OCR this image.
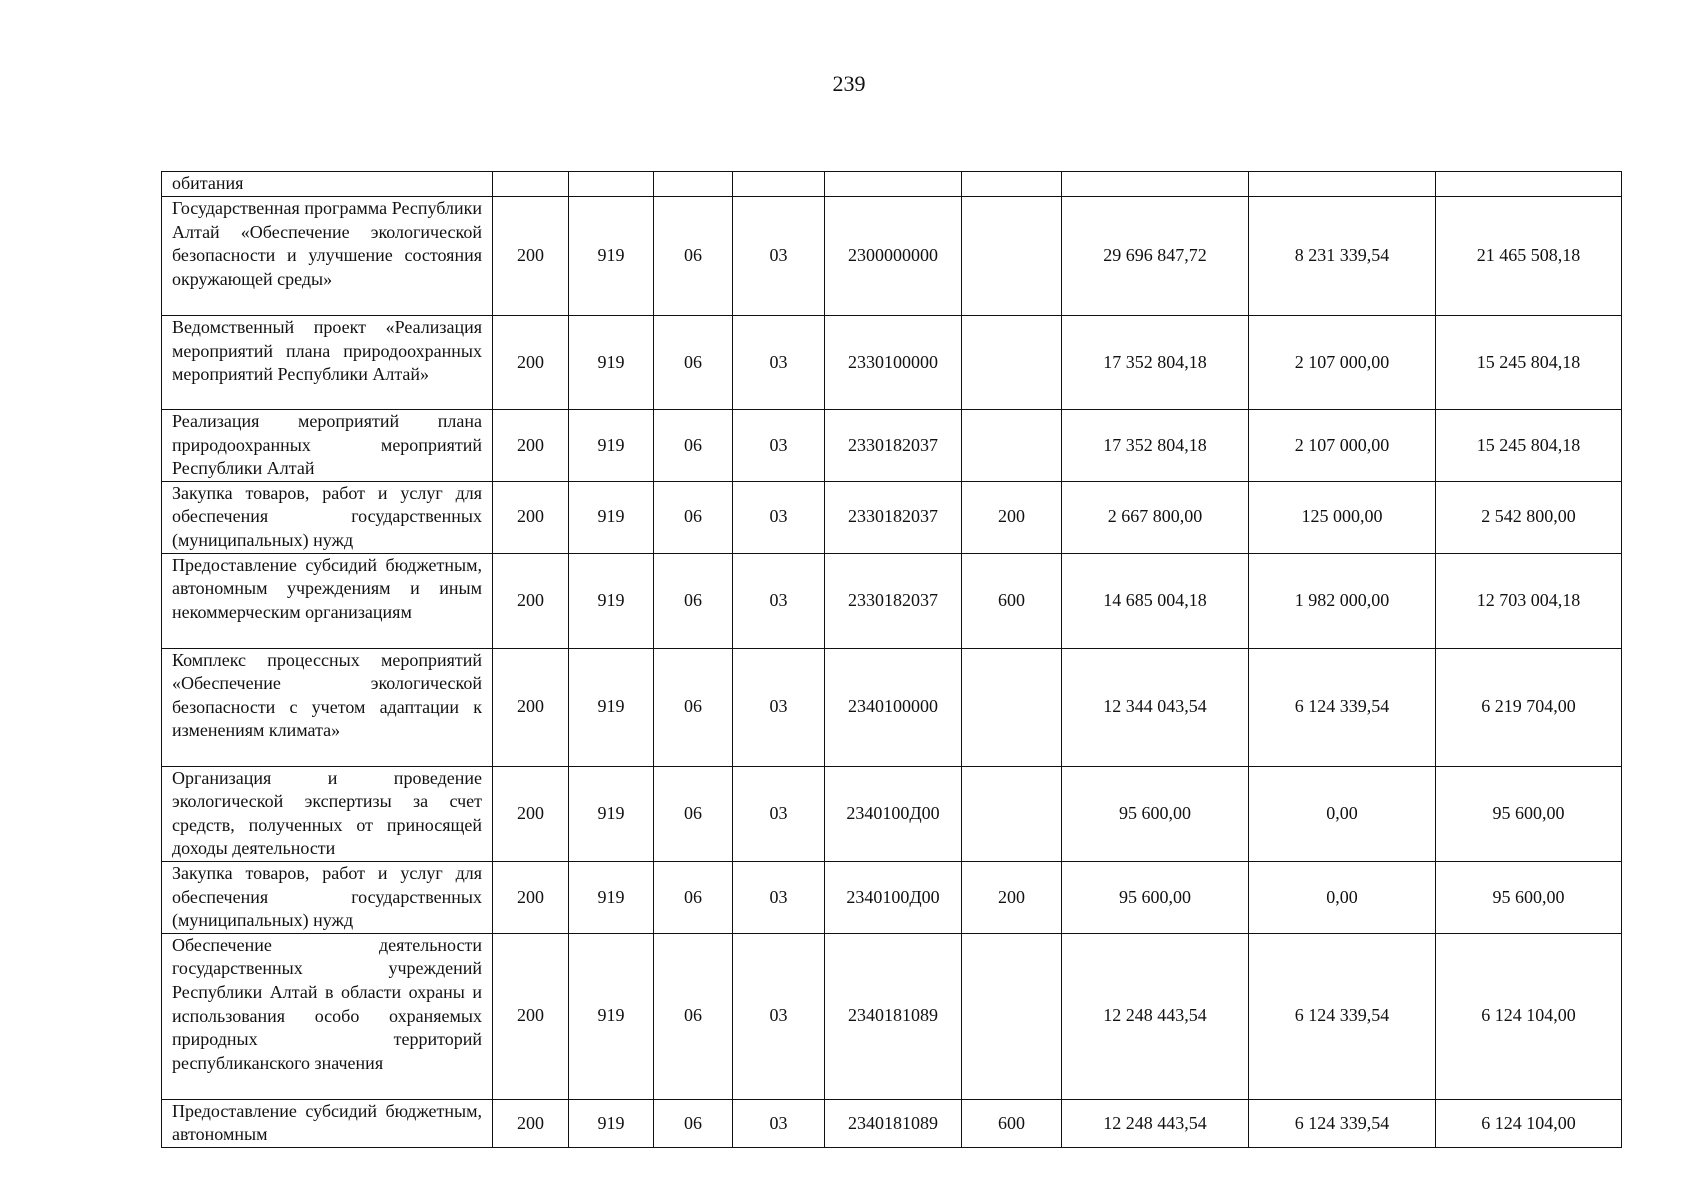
239
обитания									
Государственная программа Республики Алтай «Обеспечение экологической безопасности и улучшение состояния окружающей среды»	200	919	06	03	2300000000		29 696 847,72	8 231 339,54	21 465 508,18
Ведомственный проект «Реализация мероприятий плана природоохранных мероприятий Республики Алтай»	200	919	06	03	2330100000		17 352 804,18	2 107 000,00	15 245 804,18
Реализация мероприятий плана природоохранных мероприятий Республики Алтай	200	919	06	03	2330182037		17 352 804,18	2 107 000,00	15 245 804,18
Закупка товаров, работ и услуг для обеспечения государственных (муниципальных) нужд	200	919	06	03	2330182037	200	2 667 800,00	125 000,00	2 542 800,00
Предоставление субсидий бюджетным, автономным учреждениям и иным некоммерческим организациям	200	919	06	03	2330182037	600	14 685 004,18	1 982 000,00	12 703 004,18
Комплекс процессных мероприятий «Обеспечение экологической безопасности с учетом адаптации к изменениям климата»	200	919	06	03	2340100000		12 344 043,54	6 124 339,54	6 219 704,00
Организация и проведение экологической экспертизы за счет средств, полученных от приносящей доходы деятельности	200	919	06	03	2340100Д00		95 600,00	0,00	95 600,00
Закупка товаров, работ и услуг для обеспечения государственных (муниципальных) нужд	200	919	06	03	2340100Д00	200	95 600,00	0,00	95 600,00
Обеспечение деятельности государственных учреждений Республики Алтай в области охраны и использования особо охраняемых природных территорий республиканского значения	200	919	06	03	2340181089		12 248 443,54	6 124 339,54	6 124 104,00
Предоставление субсидий бюджетным, автономным	200	919	06	03	2340181089	600	12 248 443,54	6 124 339,54	6 124 104,00
